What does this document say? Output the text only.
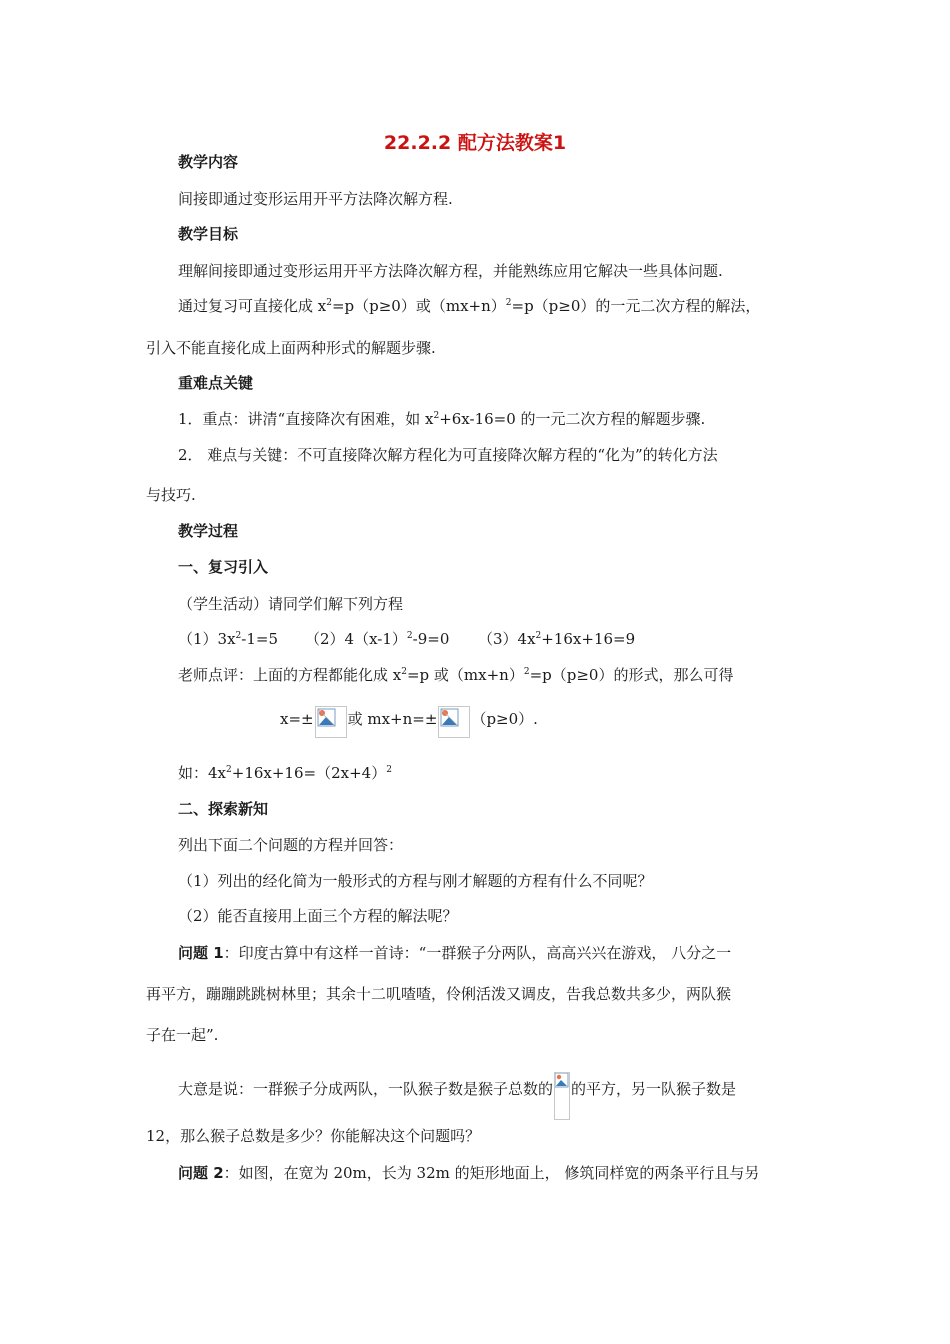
22.2.2 配方法教案1
教学内容
间接即通过变形运用开平方法降次解方程.
教学目标
理解间接即通过变形运用开平方法降次解方程，并能熟练应用它解决一些具体问题.
通过复习可直接化成 $x^2=p(p\ge 0)$或$(mx+n)^2=p(p\ge 0)$的一元二次方程的解法，
引入不能直接化成上面两种形式的解题步骤.
重难点关键
1．重点：讲清“直接降次有困难，如 $x^2+6x-16=0$ 的一元二次方程的解题步骤.
2． 难点与关键：不可直接降次解方程化为可直接降次解方程的“化为”的转化方法
与技巧.
教学过程
一、复习引入
（学生活动）请同学们解下列方程
$(1)3x^2-1=5$ $(2)4(x-1)^2-9=0$ $(3)4x^2+16x+16=9$
老师点评：上面的方程都能化成 $x^2=p$ 或$(mx+n)^2=p(p\ge 0)$的形式，那么可得
x=± 或 mx+n=± （p≥0）.
如：$4x^2+16x+16=(2x+4)^2$
二、探索新知
列出下面二个问题的方程并回答：
（1）列出的经化简为一般形式的方程与刚才解题的方程有什么不同呢？
（2）能否直接用上面三个方程的解法呢？
问题 1：印度古算中有这样一首诗：“一群猴子分两队，高高兴兴在游戏， 八分之一
再平方，蹦蹦跳跳树林里；其余十二叽喳喳，伶俐活泼又调皮，告我总数共多少，两队猴
子在一起”.
大意是说：一群猴子分成两队，一队猴子数是猴子总数的 的平方，另一队猴子数是
12，那么猴子总数是多少？你能解决这个问题吗？
问题 2：如图，在宽为 20m，长为 32m 的矩形地面上， 修筑同样宽的两条平行且与另
